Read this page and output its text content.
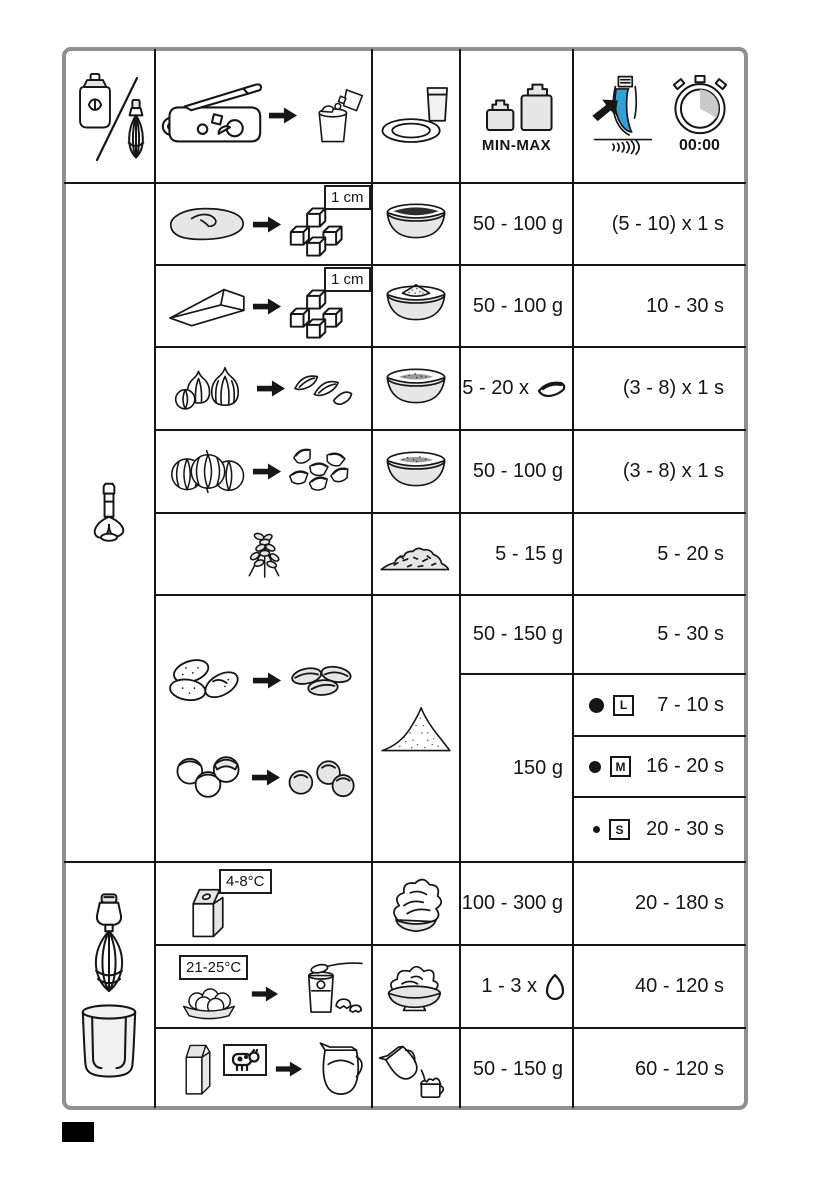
MIN-MAX	00:00
1 cm
50 - 100 g (5 - 10) x 1 s
1 cm
50 - 100 g	10 - 30 s
5 - 20 x	(3 - 8) x 1 s
50 - 100 g	(3 - 8) x 1 s
5 - 15 g	5 - 20 s
50 - 150 g	5 - 30 s
150 g
L	7 - 10 s
M 16 - 20 s
S	20 - 30 s
4-8°C
100 - 300 g	20 - 180 s
21-25°C
1 - 3 x	40 - 120 s
50 - 150 g	60 - 120 s
